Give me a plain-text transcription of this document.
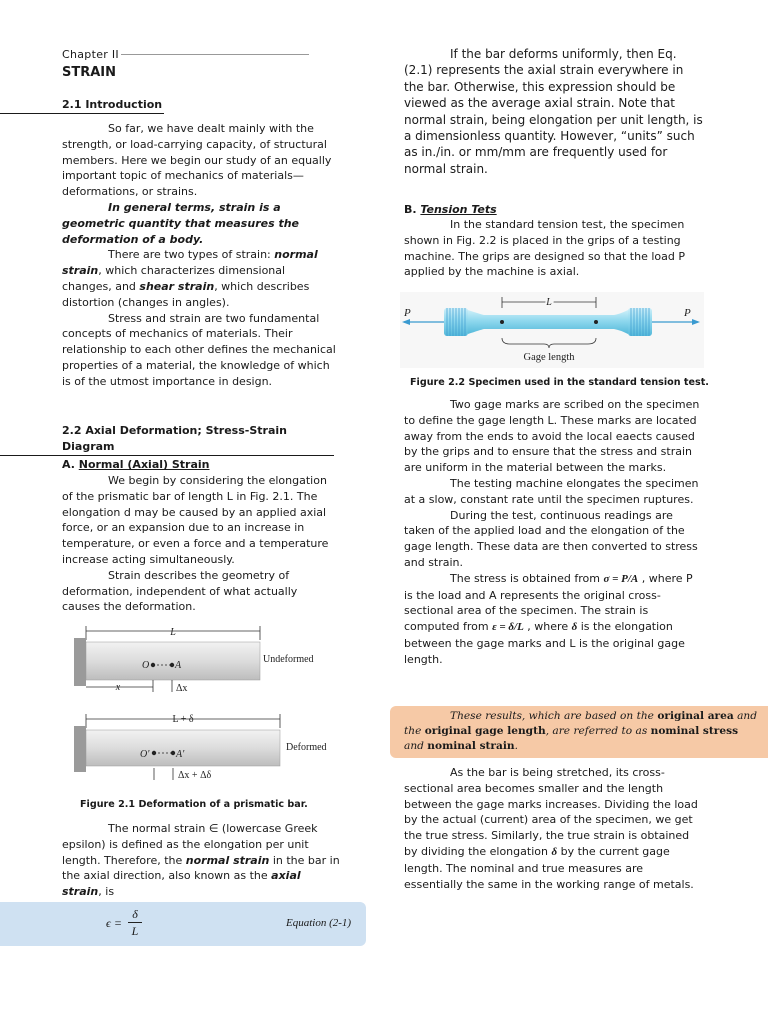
Chapter II
STRAIN
2.1 Introduction

So far, we have dealt mainly with the strength, or load-carrying capacity, of structural members. Here we begin our study of an equally important topic of mechanics of materials—deformations, or strains.

In general terms, strain is a geometric quantity that measures the deformation of a body.

There are two types of strain: normal strain, which characterizes dimensional changes, and shear strain, which describes distortion (changes in angles).

Stress and strain are two fundamental concepts of mechanics of materials. Their relationship to each other defines the mechanical properties of a material, the knowledge of which is of the utmost importance in design.

2.2 Axial Deformation; Stress-Strain Diagram
A. Normal (Axial) Strain

We begin by considering the elongation of the prismatic bar of length L in Fig. 2.1. The elongation d may be caused by an applied axial force, or an expansion due to an increase in temperature, or even a force and a temperature increase acting simultaneously.

Strain describes the geometry of deformation, independent of what actually causes the deformation.

L
O	A
Undeformed
x	Δx
L + δ
O'	A'
Deformed
Δx + Δδ
Figure 2.1 Deformation of a prismatic bar.

The normal strain ∈ (lowercase Greek epsilon) is defined as the elongation per unit length. Therefore, the normal strain in the bar in the axial direction, also known as the axial strain, is

$\epsilon = \frac{\delta}{L}$	Equation (2-1)

If the bar deforms uniformly, then Eq. (2.1) represents the axial strain everywhere in the bar. Otherwise, this expression should be viewed as the average axial strain. Note that normal strain, being elongation per unit length, is a dimensionless quantity. However, “units” such as in./in. or mm/mm are frequently used for normal strain.

B. Tension Tets

In the standard tension test, the specimen shown in Fig. 2.2 is placed in the grips of a testing machine. The grips are designed so that the load P applied by the machine is axial.

L
P	P
Gage length
Figure 2.2 Specimen used in the standard tension test.

Two gage marks are scribed on the specimen to define the gage length L. These marks are located away from the ends to avoid the local eaects caused by the grips and to ensure that the stress and strain are uniform in the material between the marks.

The testing machine elongates the specimen at a slow, constant rate until the specimen ruptures.

During the test, continuous readings are taken of the applied load and the elongation of the gage length. These data are then converted to stress and strain.

The stress is obtained from σ = P/A , where P is the load and A represents the original cross-sectional area of the specimen. The strain is computed from ε = δ/L , where δ is the elongation between the gage marks and L is the original gage length.

These results, which are based on the original area and the original gage length, are referred to as nominal stress and nominal strain.

As the bar is being stretched, its cross-sectional area becomes smaller and the length between the gage marks increases. Dividing the load by the actual (current) area of the specimen, we get the true stress. Similarly, the true strain is obtained by dividing the elongation δ by the current gage length. The nominal and true measures are essentially the same in the working range of metals.
